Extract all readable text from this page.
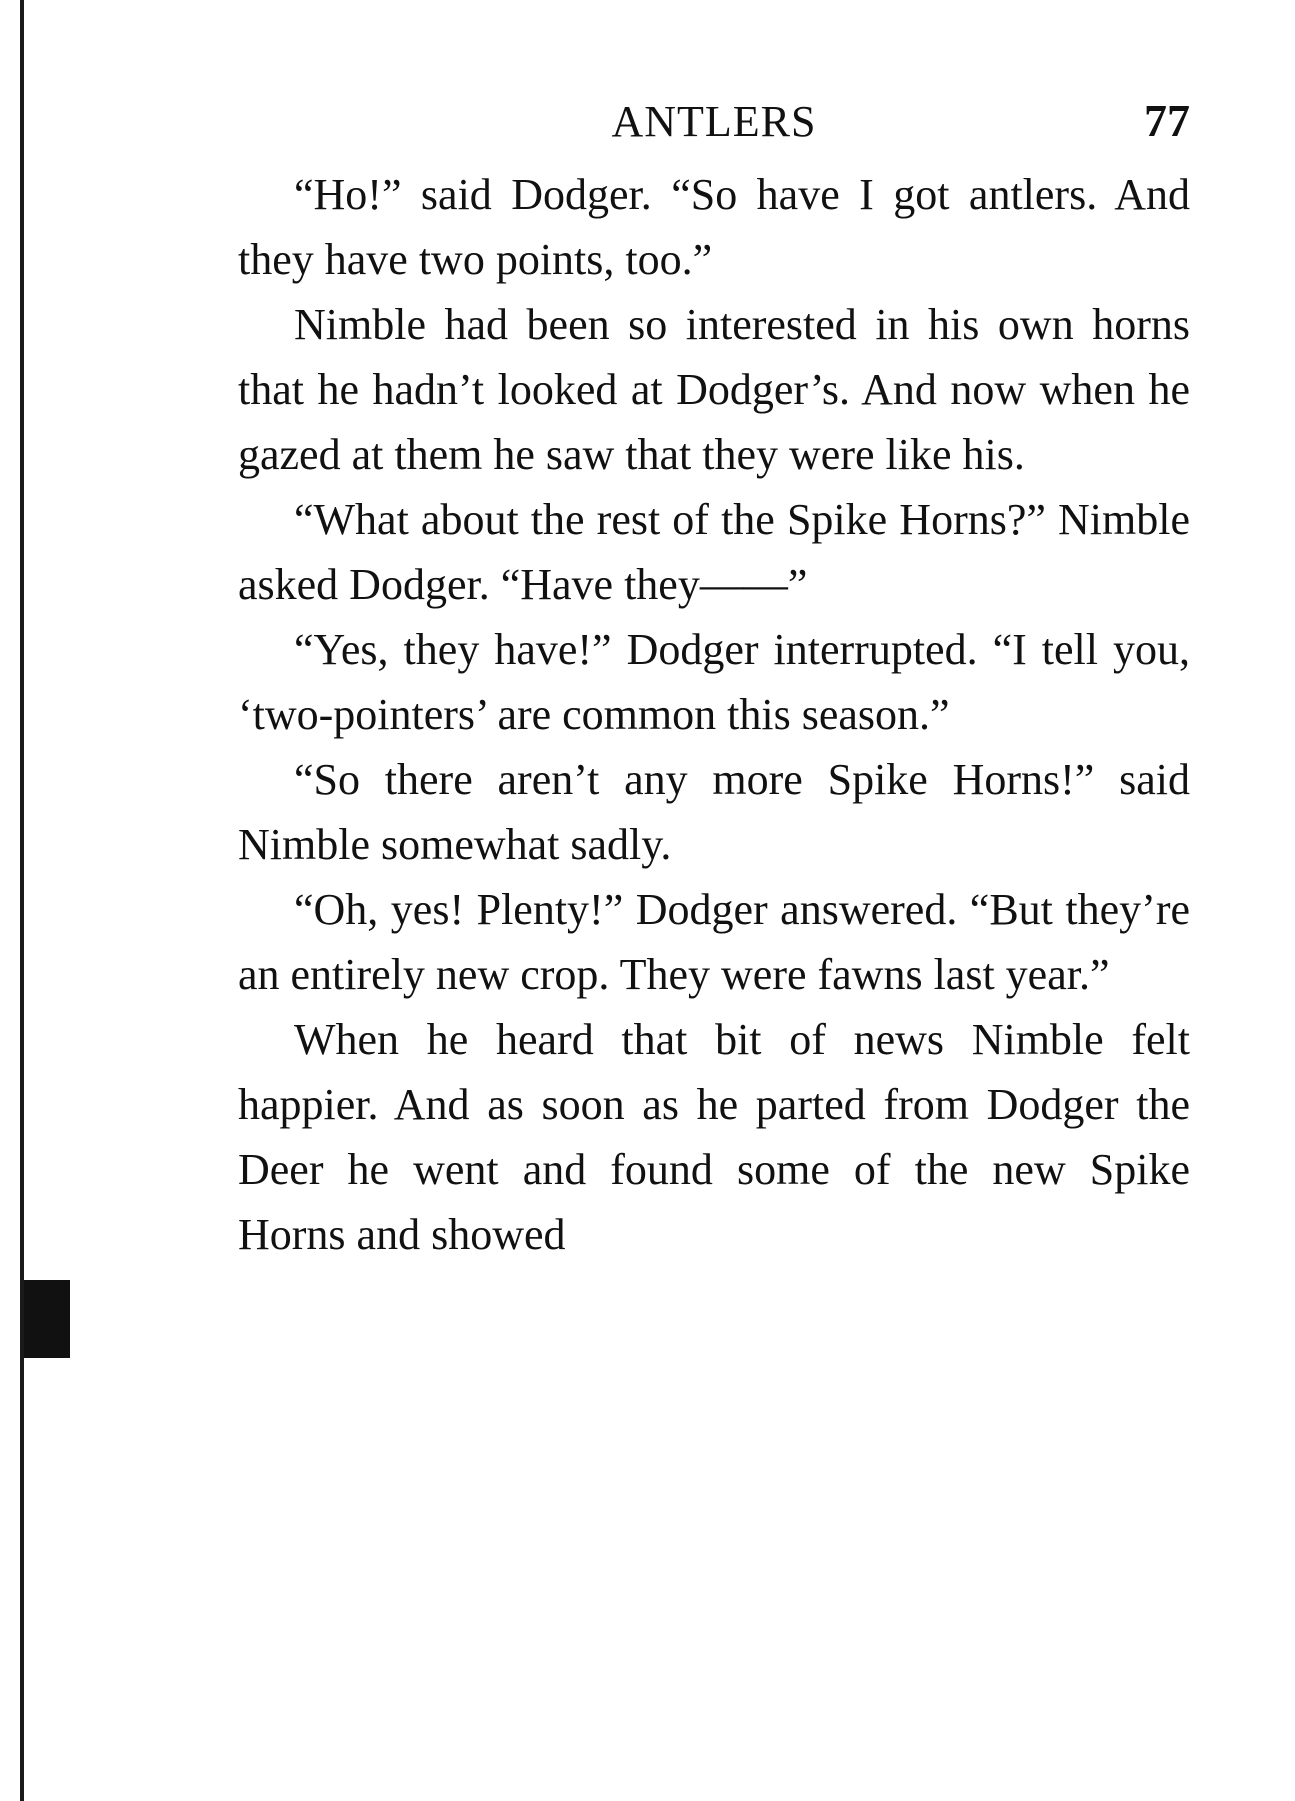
ANTLERS	77

“Ho!” said Dodger. “So have I got antlers. And they have two points, too.”

Nimble had been so interested in his own horns that he hadn’t looked at Dodger’s. And now when he gazed at them he saw that they were like his.

“What about the rest of the Spike Horns?” Nimble asked Dodger. “Have they——”

“Yes, they have!” Dodger interrupted. “I tell you, ‘two-pointers’ are common this season.”

“So there aren’t any more Spike Horns!” said Nimble somewhat sadly.

“Oh, yes! Plenty!” Dodger answered. “But they’re an entirely new crop. They were fawns last year.”

When he heard that bit of news Nimble felt happier. And as soon as he parted from Dodger the Deer he went and found some of the new Spike Horns and showed
